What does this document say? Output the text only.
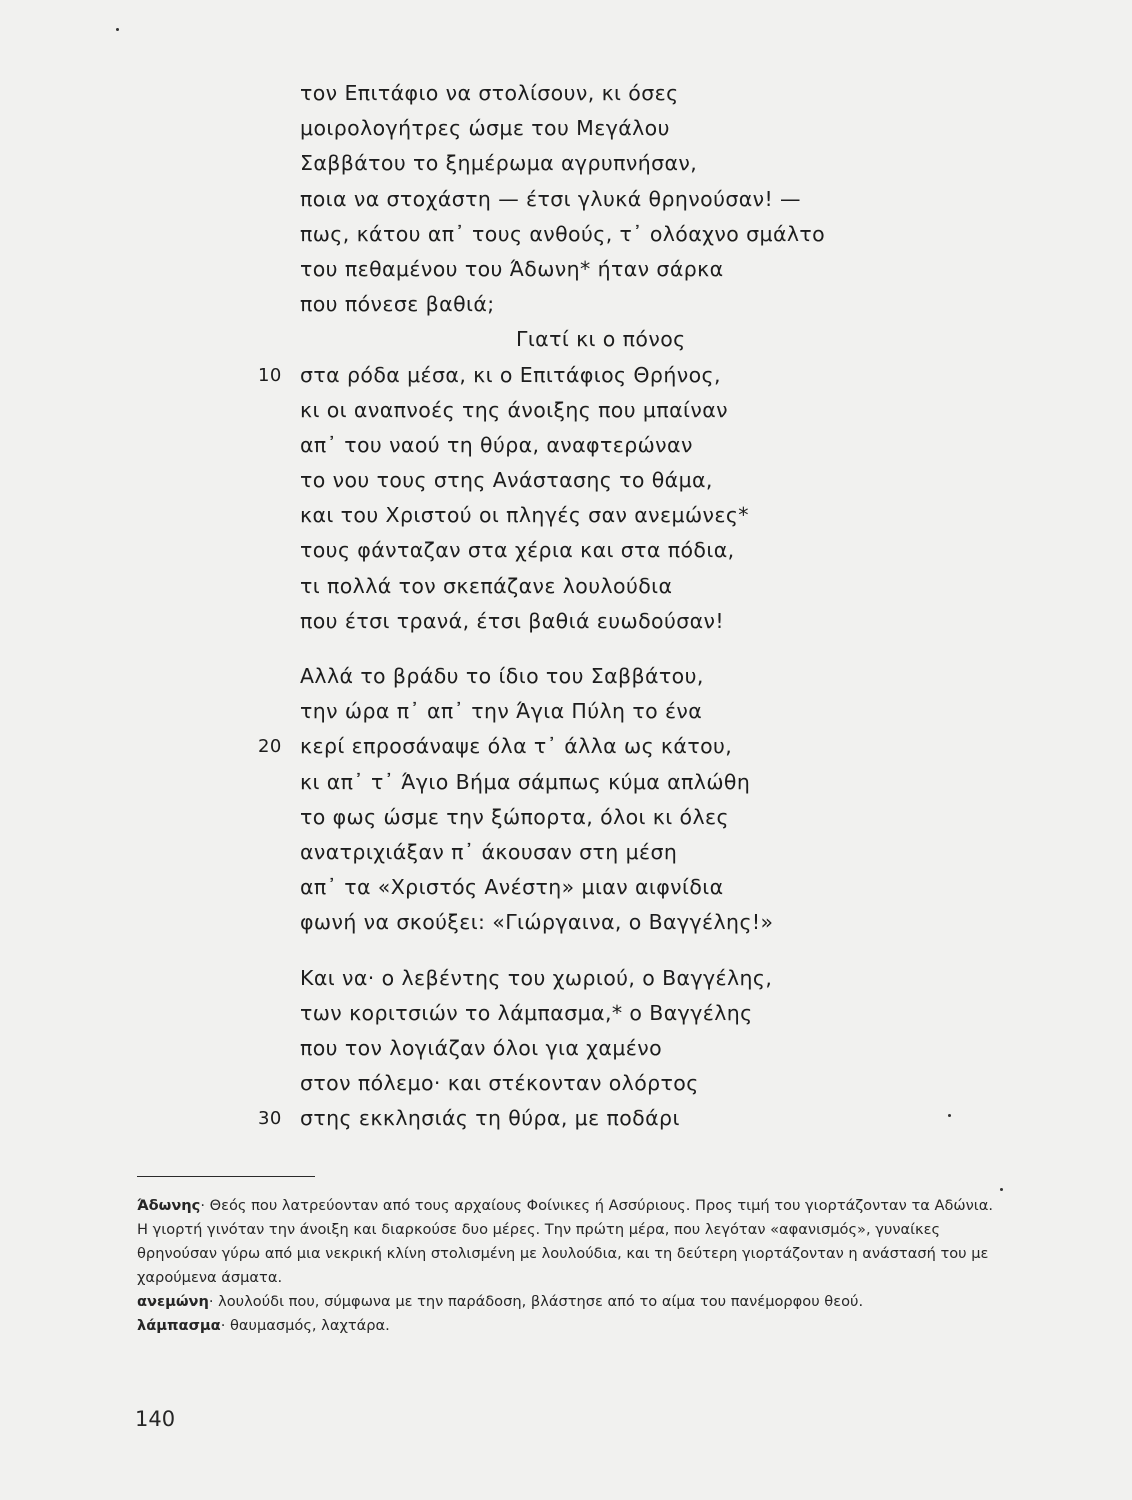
τον Επιτάφιο να στολίσουν, κι όσες
μοιρολογήτρες ώσμε του Μεγάλου
Σαββάτου το ξημέρωμα αγρυπνήσαν,
ποια να στοχάστη — έτσι γλυκά θρηνούσαν! —
πως, κάτου απ᾽ τους ανθούς, τ᾽ ολόαχνο σμάλτο
του πεθαμένου του Άδωνη* ήταν σάρκα
που πόνεσε βαθιά;
Γιατί κι ο πόνος
10 στα ρόδα μέσα, κι ο Επιτάφιος Θρήνος,
κι οι αναπνοές της άνοιξης που μπαίναν
απ᾽ του ναού τη θύρα, αναφτερώναν
το νου τους στης Ανάστασης το θάμα,
και του Χριστού οι πληγές σαν ανεμώνες*
τους φάνταζαν στα χέρια και στα πόδια,
τι πολλά τον σκεπάζανε λουλούδια
που έτσι τρανά, έτσι βαθιά ευωδούσαν!
Αλλά το βράδυ το ίδιο του Σαββάτου,
την ώρα π᾽ απ᾽ την Άγια Πύλη το ένα
20 κερί επροσάναψε όλα τ᾽ άλλα ως κάτου,
κι απ᾽ τ᾽ Άγιο Βήμα σάμπως κύμα απλώθη
το φως ώσμε την ξώπορτα, όλοι κι όλες
ανατριχιάξαν π᾽ άκουσαν στη μέση
απ᾽ τα «Χριστός Ανέστη» μιαν αιφνίδια
φωνή να σκούξει: «Γιώργαινα, ο Βαγγέλης!»
Και να· ο λεβέντης του χωριού, ο Βαγγέλης,
των κοριτσιών το λάμπασμα,* ο Βαγγέλης
που τον λογιάζαν όλοι για χαμένο
στον πόλεμο· και στέκονταν ολόρτος
30 στης εκκλησιάς τη θύρα, με ποδάρι

Άδωνης· Θεός που λατρεύονταν από τους αρχαίους Φοίνικες ή Ασσύριους. Προς τιμή του γιορτάζονταν τα Αδώνια. Η γιορτή γινόταν την άνοιξη και διαρκούσε δυο μέρες. Την πρώτη μέρα, που λεγόταν «αφανισμός», γυναίκες θρηνούσαν γύρω από μια νεκρική κλίνη στολισμένη με λουλούδια, και τη δεύτερη γιορτάζονταν η ανάστασή του με χαρούμενα άσματα.

ανεμώνη· λουλούδι που, σύμφωνα με την παράδοση, βλάστησε από το αίμα του πανέμορφου θεού.

λάμπασμα· θαυμασμός, λαχτάρα.

140
